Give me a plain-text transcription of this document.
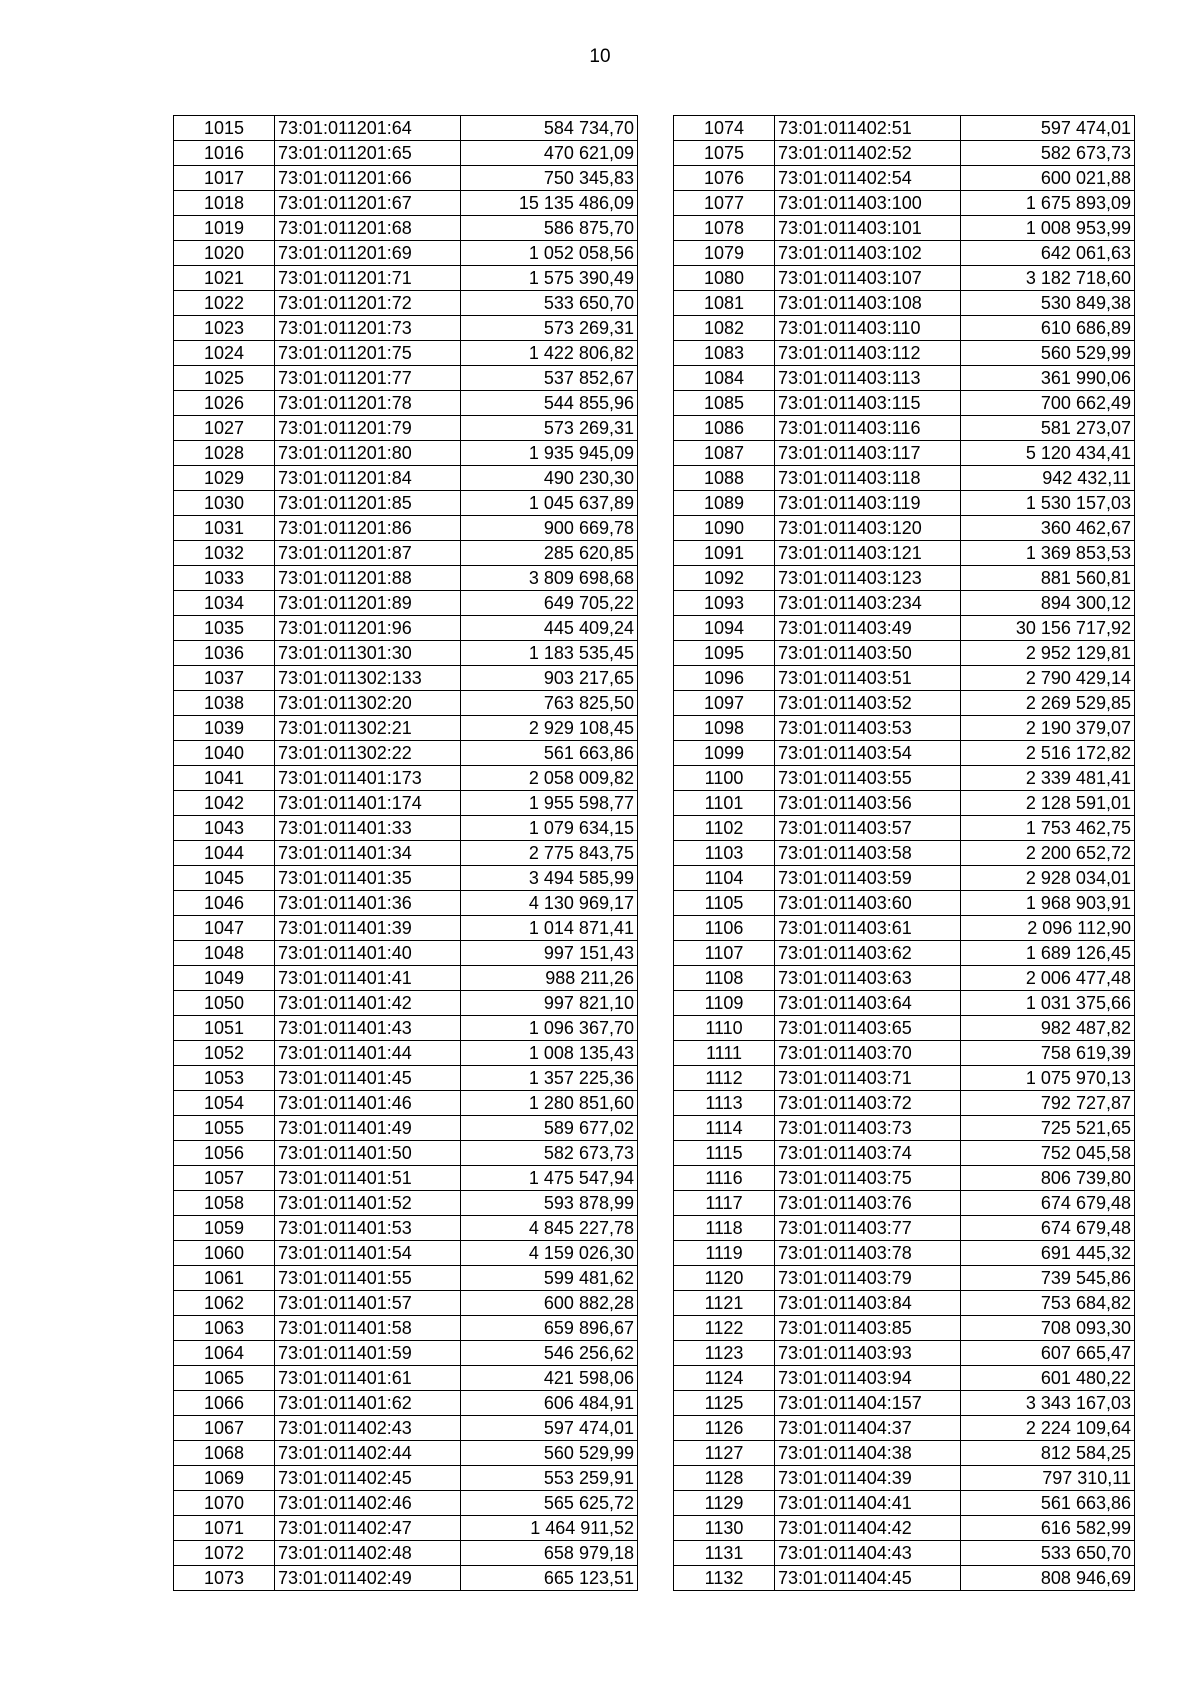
10
1015	73:01:011201:64	584 734,70
1016	73:01:011201:65	470 621,09
1017	73:01:011201:66	750 345,83
1018	73:01:011201:67	15 135 486,09
1019	73:01:011201:68	586 875,70
1020	73:01:011201:69	1 052 058,56
1021	73:01:011201:71	1 575 390,49
1022	73:01:011201:72	533 650,70
1023	73:01:011201:73	573 269,31
1024	73:01:011201:75	1 422 806,82
1025	73:01:011201:77	537 852,67
1026	73:01:011201:78	544 855,96
1027	73:01:011201:79	573 269,31
1028	73:01:011201:80	1 935 945,09
1029	73:01:011201:84	490 230,30
1030	73:01:011201:85	1 045 637,89
1031	73:01:011201:86	900 669,78
1032	73:01:011201:87	285 620,85
1033	73:01:011201:88	3 809 698,68
1034	73:01:011201:89	649 705,22
1035	73:01:011201:96	445 409,24
1036	73:01:011301:30	1 183 535,45
1037	73:01:011302:133	903 217,65
1038	73:01:011302:20	763 825,50
1039	73:01:011302:21	2 929 108,45
1040	73:01:011302:22	561 663,86
1041	73:01:011401:173	2 058 009,82
1042	73:01:011401:174	1 955 598,77
1043	73:01:011401:33	1 079 634,15
1044	73:01:011401:34	2 775 843,75
1045	73:01:011401:35	3 494 585,99
1046	73:01:011401:36	4 130 969,17
1047	73:01:011401:39	1 014 871,41
1048	73:01:011401:40	997 151,43
1049	73:01:011401:41	988 211,26
1050	73:01:011401:42	997 821,10
1051	73:01:011401:43	1 096 367,70
1052	73:01:011401:44	1 008 135,43
1053	73:01:011401:45	1 357 225,36
1054	73:01:011401:46	1 280 851,60
1055	73:01:011401:49	589 677,02
1056	73:01:011401:50	582 673,73
1057	73:01:011401:51	1 475 547,94
1058	73:01:011401:52	593 878,99
1059	73:01:011401:53	4 845 227,78
1060	73:01:011401:54	4 159 026,30
1061	73:01:011401:55	599 481,62
1062	73:01:011401:57	600 882,28
1063	73:01:011401:58	659 896,67
1064	73:01:011401:59	546 256,62
1065	73:01:011401:61	421 598,06
1066	73:01:011401:62	606 484,91
1067	73:01:011402:43	597 474,01
1068	73:01:011402:44	560 529,99
1069	73:01:011402:45	553 259,91
1070	73:01:011402:46	565 625,72
1071	73:01:011402:47	1 464 911,52
1072	73:01:011402:48	658 979,18
1073	73:01:011402:49	665 123,51
1074	73:01:011402:51	597 474,01
1075	73:01:011402:52	582 673,73
1076	73:01:011402:54	600 021,88
1077	73:01:011403:100	1 675 893,09
1078	73:01:011403:101	1 008 953,99
1079	73:01:011403:102	642 061,63
1080	73:01:011403:107	3 182 718,60
1081	73:01:011403:108	530 849,38
1082	73:01:011403:110	610 686,89
1083	73:01:011403:112	560 529,99
1084	73:01:011403:113	361 990,06
1085	73:01:011403:115	700 662,49
1086	73:01:011403:116	581 273,07
1087	73:01:011403:117	5 120 434,41
1088	73:01:011403:118	942 432,11
1089	73:01:011403:119	1 530 157,03
1090	73:01:011403:120	360 462,67
1091	73:01:011403:121	1 369 853,53
1092	73:01:011403:123	881 560,81
1093	73:01:011403:234	894 300,12
1094	73:01:011403:49	30 156 717,92
1095	73:01:011403:50	2 952 129,81
1096	73:01:011403:51	2 790 429,14
1097	73:01:011403:52	2 269 529,85
1098	73:01:011403:53	2 190 379,07
1099	73:01:011403:54	2 516 172,82
1100	73:01:011403:55	2 339 481,41
1101	73:01:011403:56	2 128 591,01
1102	73:01:011403:57	1 753 462,75
1103	73:01:011403:58	2 200 652,72
1104	73:01:011403:59	2 928 034,01
1105	73:01:011403:60	1 968 903,91
1106	73:01:011403:61	2 096 112,90
1107	73:01:011403:62	1 689 126,45
1108	73:01:011403:63	2 006 477,48
1109	73:01:011403:64	1 031 375,66
1110	73:01:011403:65	982 487,82
1111	73:01:011403:70	758 619,39
1112	73:01:011403:71	1 075 970,13
1113	73:01:011403:72	792 727,87
1114	73:01:011403:73	725 521,65
1115	73:01:011403:74	752 045,58
1116	73:01:011403:75	806 739,80
1117	73:01:011403:76	674 679,48
1118	73:01:011403:77	674 679,48
1119	73:01:011403:78	691 445,32
1120	73:01:011403:79	739 545,86
1121	73:01:011403:84	753 684,82
1122	73:01:011403:85	708 093,30
1123	73:01:011403:93	607 665,47
1124	73:01:011403:94	601 480,22
1125	73:01:011404:157	3 343 167,03
1126	73:01:011404:37	2 224 109,64
1127	73:01:011404:38	812 584,25
1128	73:01:011404:39	797 310,11
1129	73:01:011404:41	561 663,86
1130	73:01:011404:42	616 582,99
1131	73:01:011404:43	533 650,70
1132	73:01:011404:45	808 946,69
